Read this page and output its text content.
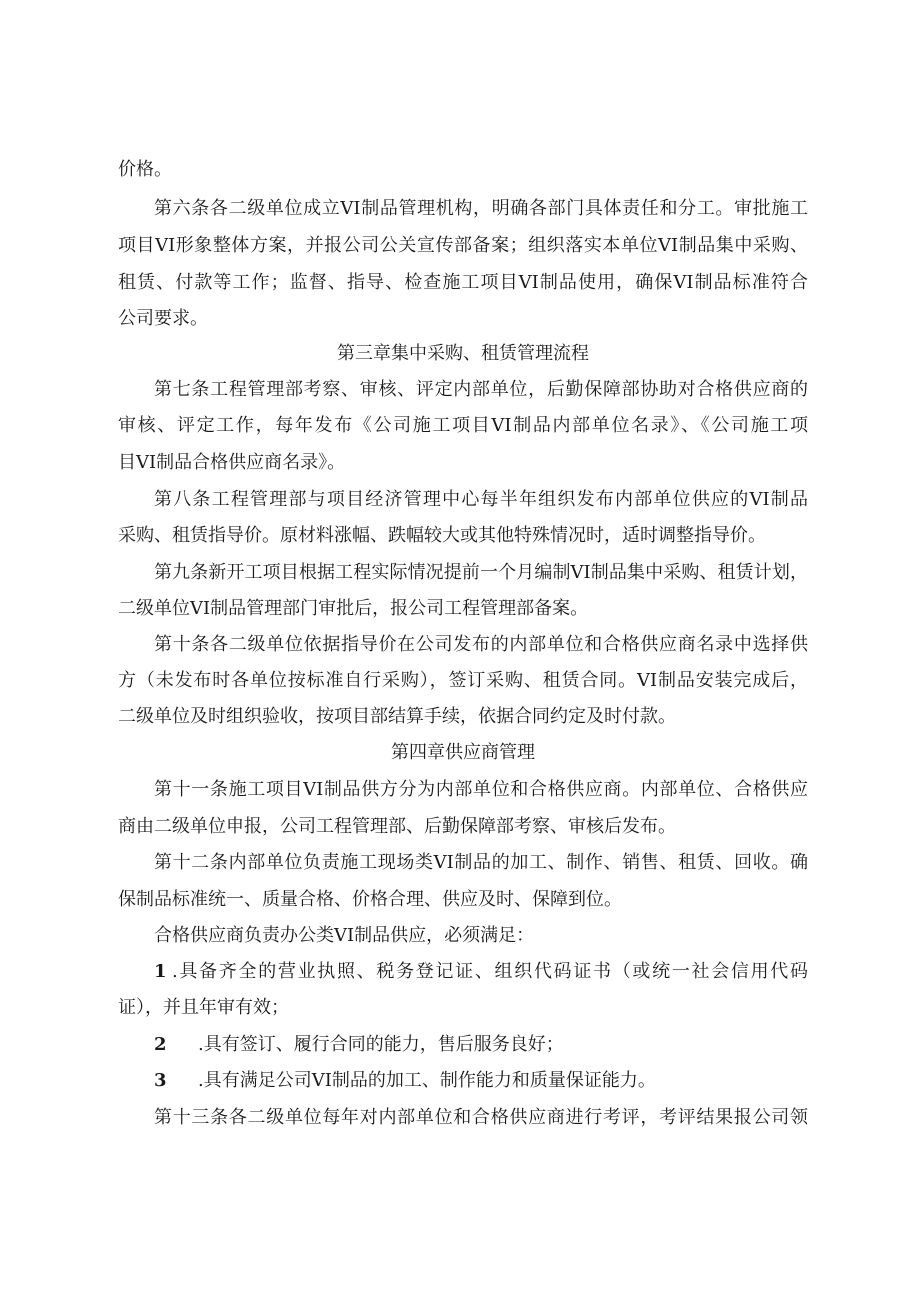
价格。
第六条各二级单位成立VI制品管理机构，明确各部门具体责任和分工。审批施工
项目VI形象整体方案，并报公司公关宣传部备案；组织落实本单位VI制品集中采购、
租赁、付款等工作；监督、指导、检查施工项目VI制品使用，确保VI制品标准符合
公司要求。
第三章集中采购、租赁管理流程
第七条工程管理部考察、审核、评定内部单位，后勤保障部协助对合格供应商的
审核、评定工作，每年发布《公司施工项目VI制品内部单位名录》、《公司施工项
目VI制品合格供应商名录》。
第八条工程管理部与项目经济管理中心每半年组织发布内部单位供应的VI制品
采购、租赁指导价。原材料涨幅、跌幅较大或其他特殊情况时，适时调整指导价。
第九条新开工项目根据工程实际情况提前一个月编制VI制品集中采购、租赁计划，
二级单位VI制品管理部门审批后，报公司工程管理部备案。
第十条各二级单位依据指导价在公司发布的内部单位和合格供应商名录中选择供
方（未发布时各单位按标准自行采购），签订采购、租赁合同。VI制品安装完成后，
二级单位及时组织验收，按项目部结算手续，依据合同约定及时付款。
第四章供应商管理
第十一条施工项目VI制品供方分为内部单位和合格供应商。内部单位、合格供应
商由二级单位申报，公司工程管理部、后勤保障部考察、审核后发布。
第十二条内部单位负责施工现场类VI制品的加工、制作、销售、租赁、回收。确
保制品标准统一、质量合格、价格合理、供应及时、保障到位。
合格供应商负责办公类VI制品供应，必须满足：
1 .具备齐全的营业执照、税务登记证、组织代码证书（或统一社会信用代码
证），并且年审有效；
2 .具有签订、履行合同的能力，售后服务良好；
3 .具有满足公司VI制品的加工、制作能力和质量保证能力。
第十三条各二级单位每年对内部单位和合格供应商进行考评，考评结果报公司领
